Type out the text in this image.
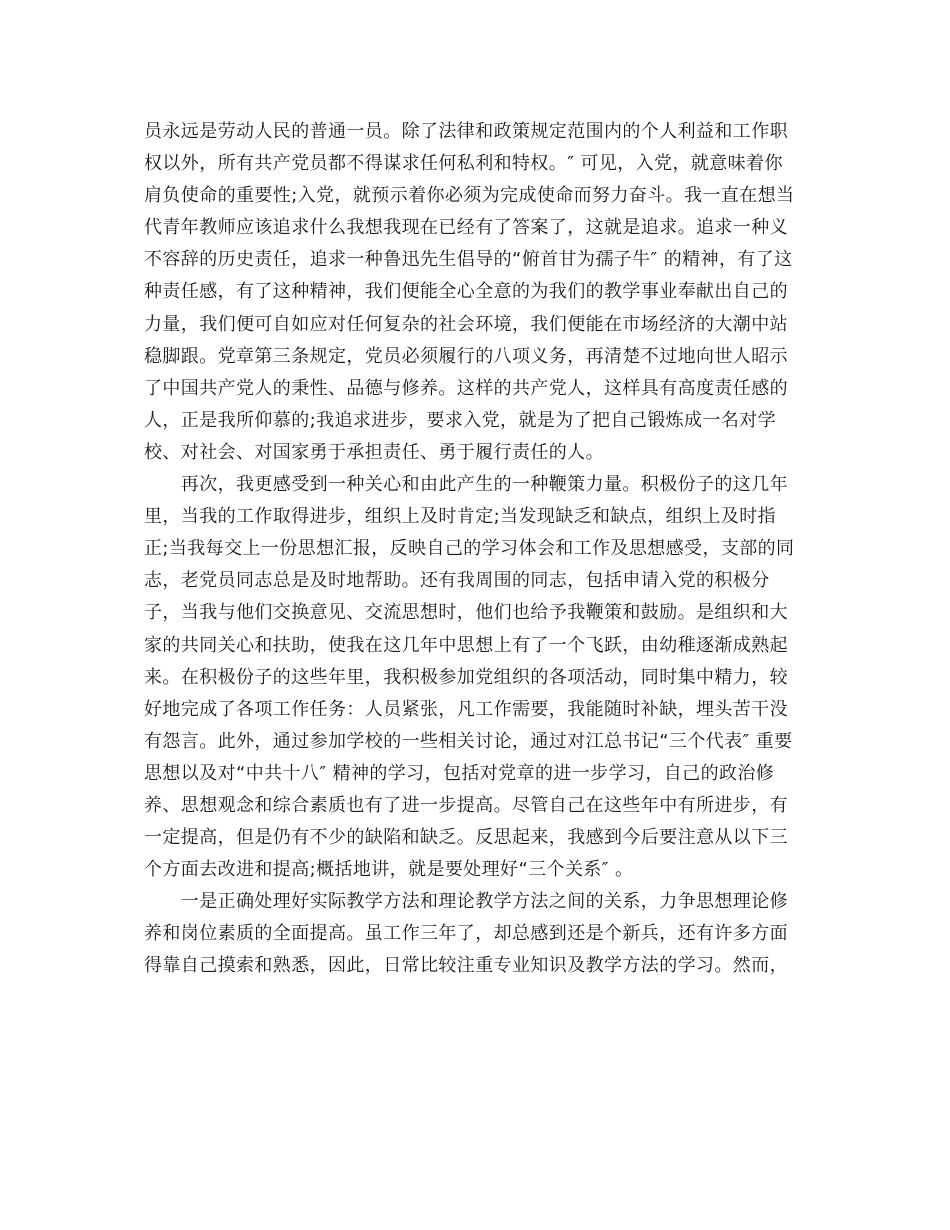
员永远是劳动人民的普通一员。除了法律和政策规定范围内的个人利益和工作职
权以外，所有共产党员都不得谋求任何私利和特权。″ 可见，入党，就意味着你
肩负使命的重要性;入党，就预示着你必须为完成使命而努力奋斗。我一直在想当
代青年教师应该追求什么我想我现在已经有了答案了，这就是追求。追求一种义
不容辞的历史责任，追求一种鲁迅先生倡导的“俯首甘为孺子牛″ 的精神，有了这
种责任感，有了这种精神，我们便能全心全意的为我们的教学事业奉献出自己的
力量，我们便可自如应对任何复杂的社会环境，我们便能在市场经济的大潮中站
稳脚跟。党章第三条规定，党员必须履行的八项义务，再清楚不过地向世人昭示
了中国共产党人的秉性、品德与修养。这样的共产党人，这样具有高度责任感的
人，正是我所仰慕的;我追求进步，要求入党，就是为了把自己锻炼成一名对学
校、对社会、对国家勇于承担责任、勇于履行责任的人。

　　再次，我更感受到一种关心和由此产生的一种鞭策力量。积极份子的这几年
里，当我的工作取得进步，组织上及时肯定;当发现缺乏和缺点，组织上及时指
正;当我每交上一份思想汇报，反映自己的学习体会和工作及思想感受，支部的同
志，老党员同志总是及时地帮助。还有我周围的同志，包括申请入党的积极分
子，当我与他们交换意见、交流思想时，他们也给予我鞭策和鼓励。是组织和大
家的共同关心和扶助，使我在这几年中思想上有了一个飞跃，由幼稚逐渐成熟起
来。在积极份子的这些年里，我积极参加党组织的各项活动，同时集中精力，较
好地完成了各项工作任务：人员紧张，凡工作需要，我能随时补缺，埋头苦干没
有怨言。此外，通过参加学校的一些相关讨论，通过对江总书记“三个代表″ 重要
思想以及对“中共十八″ 精神的学习，包括对党章的进一步学习，自己的政治修
养、思想观念和综合素质也有了进一步提高。尽管自己在这些年中有所进步，有
一定提高，但是仍有不少的缺陷和缺乏。反思起来，我感到今后要注意从以下三
个方面去改进和提高;概括地讲，就是要处理好“三个关系″ 。

　　一是正确处理好实际教学方法和理论教学方法之间的关系，力争思想理论修
养和岗位素质的全面提高。虽工作三年了，却总感到还是个新兵，还有许多方面
得靠自己摸索和熟悉，因此，日常比较注重专业知识及教学方法的学习。然而，
